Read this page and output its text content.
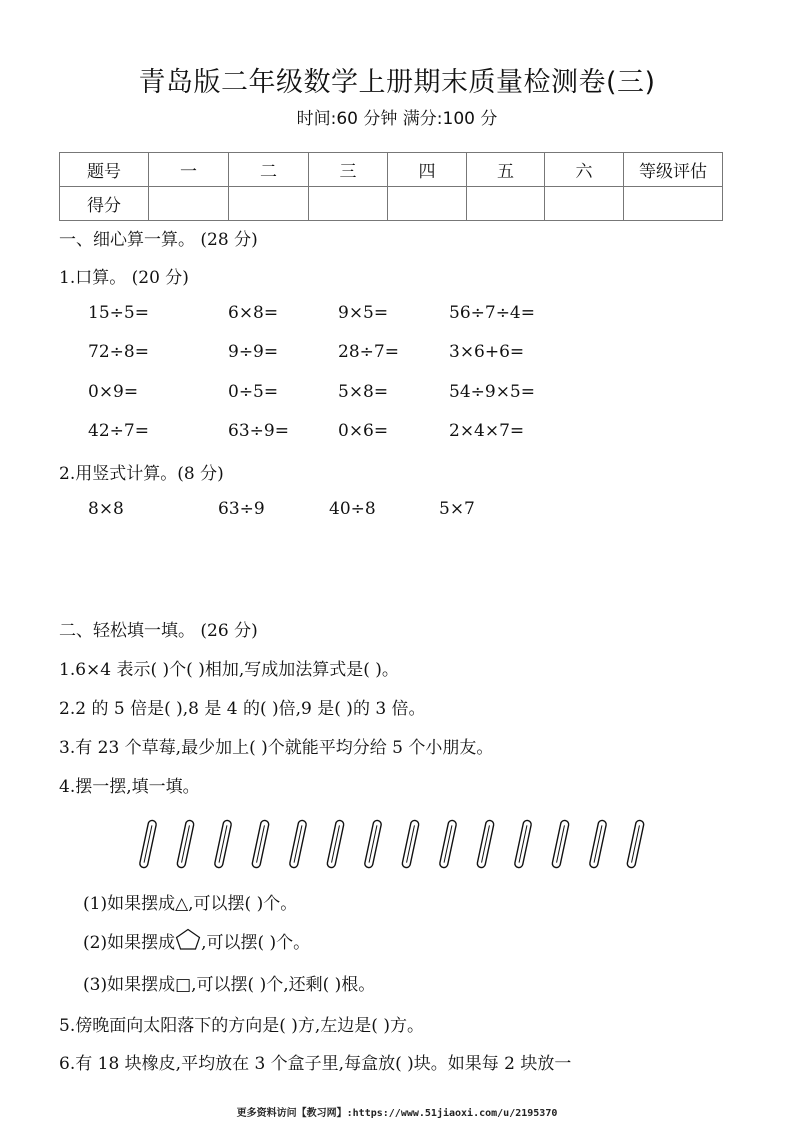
青岛版二年级数学上册期末质量检测卷(三)
时间:60 分钟 满分:100 分
题号	一	二	三	四	五	六	等级评估
得分							
一、细心算一算。 (28 分)
1.口算。 (20 分)
15÷5=	6×8=	9×5=	56÷7÷4=
72÷8=	9÷9=	28÷7=	3×6+6=
0×9=	0÷5=	5×8=	54÷9×5=
42÷7=	63÷9=	0×6=	2×4×7=
2.用竖式计算。(8 分)
8×8	63÷9	40÷8	5×7
二、轻松填一填。 (26 分)
1.6×4 表示( )个( )相加,写成加法算式是( )。
2.2 的 5 倍是( ),8 是 4 的( )倍,9 是( )的 3 倍。
3.有 23 个草莓,最少加上( )个就能平均分给 5 个小朋友。
4.摆一摆,填一填。
(1)如果摆成△,可以摆( )个。
(2)如果摆成 ,可以摆( )个。
(3)如果摆成□,可以摆( )个,还剩( )根。
5.傍晚面向太阳落下的方向是( )方,左边是( )方。
6.有 18 块橡皮,平均放在 3 个盒子里,每盒放( )块。如果每 2 块放一
更多资料访问【教习网】:https://www.51jiaoxi.com/u/2195370
